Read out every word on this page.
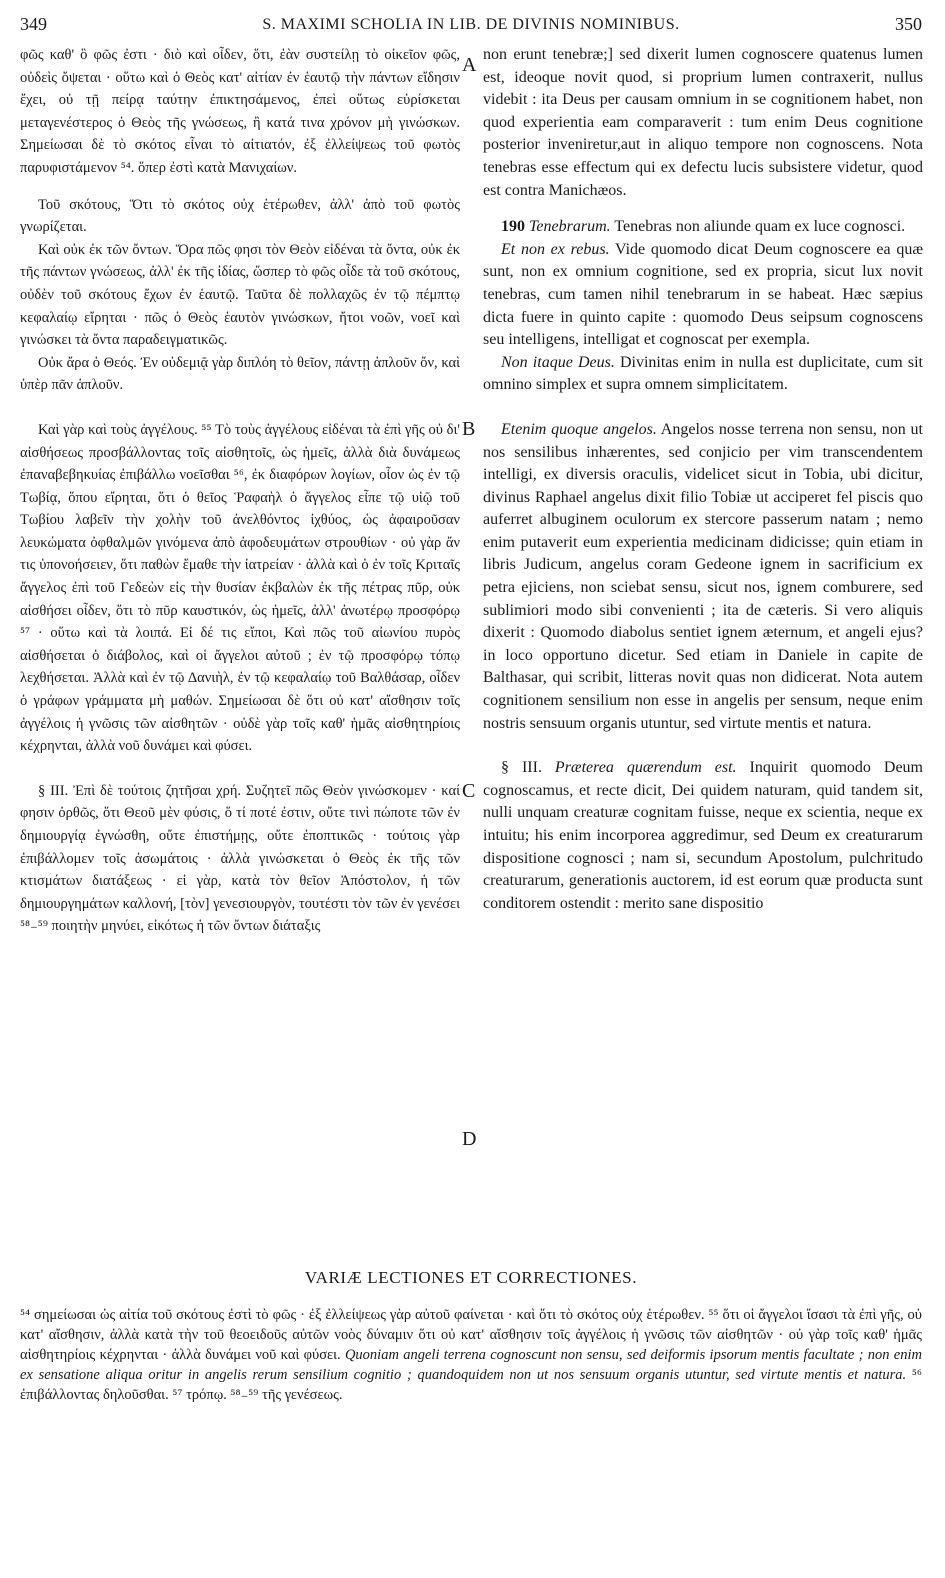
349	S. MAXIMI SCHOLIA IN LIB. DE DIVINIS NOMINIBUS.	350

φῶς καθ' ὃ φῶς ἐστι · διὸ καὶ οἶδεν, ὅτι, ἐὰν συστείλῃ τὸ οἰκεῖον φῶς, οὐδεὶς ὄψεται · οὕτω καὶ ὁ Θεὸς κατ' αἰτίαν ἐν ἑαυτῷ τὴν πάντων εἴδησιν ἔχει, οὐ τῇ πείρᾳ ταύτην ἐπικτησάμενος, ἐπεὶ οὕτως εὑρίσκεται μεταγενέστερος ὁ Θεὸς τῆς γνώσεως, ἢ κατά τινα χρόνον μὴ γινώσκων. Σημείωσαι δὲ τὸ σκότος εἶναι τὸ αἰτιατόν, ἐξ ἐλλείψεως τοῦ φωτὸς παρυφιστάμενον ⁵⁴. ὅπερ ἐστὶ κατὰ Μανιχαίων.

Τοῦ σκότους, Ὅτι τὸ σκότος οὐχ ἑτέρωθεν, ἀλλ' ἀπὸ τοῦ φωτὸς γνωρίζεται.

Καὶ οὐκ ἐκ τῶν ὄντων. Ὅρα πῶς φησι τὸν Θεὸν εἰδέναι τὰ ὄντα, οὐκ ἐκ τῆς πάντων γνώσεως, ἀλλ' ἐκ τῆς ἰδίας, ὥσπερ τὸ φῶς οἶδε τὰ τοῦ σκότους, οὐδὲν τοῦ σκότους ἔχων ἐν ἑαυτῷ. Ταῦτα δὲ πολλαχῶς ἐν τῷ πέμπτῳ κεφαλαίῳ εἴρηται · πῶς ὁ Θεὸς ἑαυτὸν γινώσκων, ἤτοι νοῶν, νοεῖ καὶ γινώσκει τὰ ὄντα παραδειγματικῶς.

Οὐκ ἄρα ὁ Θεός. Ἐν οὐδεμιᾷ γὰρ διπλόη τὸ θεῖον, πάντῃ ἁπλοῦν ὄν, καὶ ὑπὲρ πᾶν ἁπλοῦν.

Καὶ γὰρ καὶ τοὺς ἀγγέλους. ⁵⁵ Τὸ τοὺς ἀγγέλους εἰδέναι τὰ ἐπὶ γῆς οὐ δι' αἰσθήσεως προσβάλλοντας τοῖς αἰσθητοῖς, ὡς ἡμεῖς, ἀλλὰ διὰ δυνάμεως ἐπαναβεβηκυίας ἐπιβάλλω νοεῖσθαι ⁵⁶, ἐκ διαφόρων λογίων, οἷον ὡς ἐν τῷ Τωβίᾳ, ὅπου εἴρηται, ὅτι ὁ θεῖος Ῥαφαὴλ ὁ ἄγγελος εἶπε τῷ υἱῷ τοῦ Τωβίου λαβεῖν τὴν χολὴν τοῦ ἀνελθόντος ἰχθύος, ὡς ἀφαιροῦσαν λευκώματα ὀφθαλμῶν γινόμενα ἀπὸ ἀφοδευμάτων στρουθίων · οὐ γὰρ ἄν τις ὑπονοήσειεν, ὅτι παθὼν ἔμαθε τὴν ἰατρείαν · ἀλλὰ καὶ ὁ ἐν τοῖς Κριταῖς ἄγγελος ἐπὶ τοῦ Γεδεὼν εἰς τὴν θυσίαν ἐκβαλὼν ἐκ τῆς πέτρας πῦρ, οὐκ αἰσθήσει οἶδεν, ὅτι τὸ πῦρ καυστικόν, ὡς ἡμεῖς, ἀλλ' ἀνωτέρῳ προσφόρῳ ⁵⁷ · οὕτω καὶ τὰ λοιπά. Εἰ δέ τις εἴποι, Καὶ πῶς τοῦ αἰωνίου πυρὸς αἰσθήσεται ὁ διάβολος, καὶ οἱ ἄγγελοι αὐτοῦ ; ἐν τῷ προσφόρῳ τόπῳ λεχθήσεται. Ἀλλὰ καὶ ἐν τῷ Δανιὴλ, ἐν τῷ κεφαλαίῳ τοῦ Βαλθάσαρ, οἶδεν ὁ γράφων γράμματα μὴ μαθών. Σημείωσαι δὲ ὅτι οὐ κατ' αἴσθησιν τοῖς ἀγγέλοις ἡ γνῶσις τῶν αἰσθητῶν · οὐδὲ γὰρ τοῖς καθ' ἡμᾶς αἰσθητηρίοις κέχρηνται, ἀλλὰ νοῦ δυνάμει καὶ φύσει.

§ III. Ἐπὶ δὲ τούτοις ζητῆσαι χρή. Συζητεῖ πῶς Θεὸν γινώσκομεν · καί φησιν ὀρθῶς, ὅτι Θεοῦ μὲν φύσις, ὅ τί ποτέ ἐστιν, οὔτε τινὶ πώποτε τῶν ἐν δημιουργίᾳ ἐγνώσθη, οὔτε ἐπιστήμῃς, οὔτε ἐποπτικῶς · τούτοις γὰρ ἐπιβάλλομεν τοῖς ἀσωμάτοις · ἀλλὰ γινώσκεται ὁ Θεὸς ἐκ τῆς τῶν κτισμάτων διατάξεως · εἰ γὰρ, κατὰ τὸν θεῖον Ἀπόστολον, ἡ τῶν δημιουργημάτων καλλονή, [τὸν] γενεσιουργὸν, τουτέστι τὸν τῶν ἐν γενέσει ⁵⁸₋⁵⁹ ποιητὴν μηνύει, εἰκότως ἡ τῶν ὄντων διάταξις

A
B
C
D

non erunt tenebræ;] sed dixerit lumen cognoscere quatenus lumen est, ideoque novit quod, si proprium lumen contraxerit, nullus videbit : ita Deus per causam omnium in se cognitionem habet, non quod experientia eam comparaverit : tum enim Deus cognitione posterior inveniretur,aut in aliquo tempore non cognoscens. Nota tenebras esse effectum qui ex defectu lucis subsistere videtur, quod est contra Manichæos.

190 Tenebrarum. Tenebras non aliunde quam ex luce cognosci.

Et non ex rebus. Vide quomodo dicat Deum cognoscere ea quæ sunt, non ex omnium cognitione, sed ex propria, sicut lux novit tenebras, cum tamen nihil tenebrarum in se habeat. Hæc sæpius dicta fuere in quinto capite : quomodo Deus seipsum cognoscens seu intelligens, intelligat et cognoscat per exempla.

Non itaque Deus. Divinitas enim in nulla est duplicitate, cum sit omnino simplex et supra omnem simplicitatem.

Etenim quoque angelos. Angelos nosse terrena non sensu, non ut nos sensilibus inhærentes, sed conjicio per vim transcendentem intelligi, ex diversis oraculis, videlicet sicut in Tobia, ubi dicitur, divinus Raphael angelus dixit filio Tobiæ ut acciperet fel piscis quo auferret albuginem oculorum ex stercore passerum natam ; nemo enim putaverit eum experientia medicinam didicisse; quin etiam in libris Judicum, angelus coram Gedeone ignem in sacrificium ex petra ejiciens, non sciebat sensu, sicut nos, ignem comburere, sed sublimiori modo sibi convenienti ; ita de cæteris. Si vero aliquis dixerit : Quomodo diabolus sentiet ignem æternum, et angeli ejus? in loco opportuno dicetur. Sed etiam in Daniele in capite de Balthasar, qui scribit, litteras novit quas non didicerat. Nota autem cognitionem sensilium non esse in angelis per sensum, neque enim nostris sensuum organis utuntur, sed virtute mentis et natura.

§ III. Præterea quærendum est. Inquirit quomodo Deum cognoscamus, et recte dicit, Dei quidem naturam, quid tandem sit, nulli unquam creaturæ cognitam fuisse, neque ex scientia, neque ex intuitu; his enim incorporea aggredimur, sed Deum ex creaturarum dispositione cognosci ; nam si, secundum Apostolum, pulchritudo creaturarum, generationis auctorem, id est eorum quæ producta sunt conditorem ostendit : merito sane dispositio

VARIÆ LECTIONES ET CORRECTIONES.

⁵⁴ σημείωσαι ὡς αἰτία τοῦ σκότους ἐστὶ τὸ φῶς · ἐξ ἐλλείψεως γὰρ αὐτοῦ φαίνεται · καὶ ὅτι τὸ σκότος οὐχ ἑτέρωθεν. ⁵⁵ ὅτι οἱ ἄγγελοι ἴσασι τὰ ἐπὶ γῆς, οὐ κατ' αἴσθησιν, ἀλλὰ κατὰ τὴν τοῦ θεοειδοῦς αὐτῶν νοὸς δύναμιν ὅτι οὐ κατ' αἴσθησιν τοῖς ἀγγέλοις ἡ γνῶσις τῶν αἰσθητῶν · οὐ γὰρ τοῖς καθ' ἡμᾶς αἰσθητηρίοις κέχρηνται · ἀλλὰ δυνάμει νοῦ καὶ φύσει. Quoniam angeli terrena cognoscunt non sensu, sed deiformis ipsorum mentis facultate ; non enim ex sensatione aliqua oritur in angelis rerum sensilium cognitio ; quandoquidem non ut nos sensuum organis utuntur, sed virtute mentis et natura. ⁵⁶ ἐπιβάλλοντας δηλοῦσθαι. ⁵⁷ τρόπῳ. ⁵⁸₋⁵⁹ τῆς γενέσεως.
